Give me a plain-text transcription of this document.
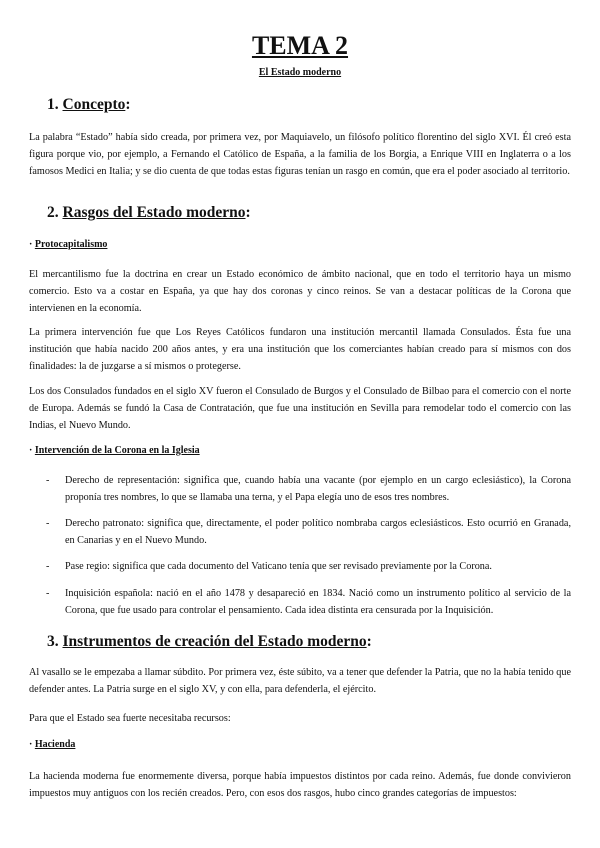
TEMA 2
El Estado moderno
1. Concepto:

La palabra “Estado” había sido creada, por primera vez, por Maquiavelo, un filósofo político florentino del siglo XVI. Él creó esta figura porque vio, por ejemplo, a Fernando el Católico de España, a la familia de los Borgia, a Enrique VIII en Inglaterra o a los famosos Medici en Italia; y se dio cuenta de que todas estas figuras tenían un rasgo en común, que era el poder asociado al territorio.

2. Rasgos del Estado moderno:
· Protocapitalismo

El mercantilismo fue la doctrina en crear un Estado económico de ámbito nacional, que en todo el territorio haya un mismo comercio. Esto va a costar en España, ya que hay dos coronas y cinco reinos. Se van a destacar políticas de la Corona que intervienen en la economía.

La primera intervención fue que Los Reyes Católicos fundaron una institución mercantil llamada Consulados. Ésta fue una institución que había nacido 200 años antes, y era una institución que los comerciantes habían creado para sí mismos con dos finalidades: la de juzgarse a sí mismos o protegerse.

Los dos Consulados fundados en el siglo XV fueron el Consulado de Burgos y el Consulado de Bilbao para el comercio con el norte de Europa. Además se fundó la Casa de Contratación, que fue una institución en Sevilla para remodelar todo el comercio con las Indias, el Nuevo Mundo.

· Intervención de la Corona en la Iglesia
- Derecho de representación: significa que, cuando había una vacante (por ejemplo en un cargo eclesiástico), la Corona proponía tres nombres, lo que se llamaba una terna, y el Papa elegía uno de esos tres nombres.

- Derecho patronato: significa que, directamente, el poder político nombraba cargos eclesiásticos. Esto ocurrió en Granada, en Canarias y en el Nuevo Mundo.

- Pase regio: significa que cada documento del Vaticano tenía que ser revisado previamente por la Corona.

- Inquisición española: nació en el año 1478 y desapareció en 1834. Nació como un instrumento político al servicio de la Corona, que fue usado para controlar el pensamiento. Cada idea distinta era censurada por la Inquisición.

3. Instrumentos de creación del Estado moderno:

Al vasallo se le empezaba a llamar súbdito. Por primera vez, éste súbito, va a tener que defender la Patria, que no la había tenido que defender antes. La Patria surge en el siglo XV, y con ella, para defenderla, el ejército.

Para que el Estado sea fuerte necesitaba recursos:

· Hacienda

La hacienda moderna fue enormemente diversa, porque había impuestos distintos por cada reino. Además, fue donde convivieron impuestos muy antiguos con los recién creados. Pero, con esos dos rasgos, hubo cinco grandes categorías de impuestos:
